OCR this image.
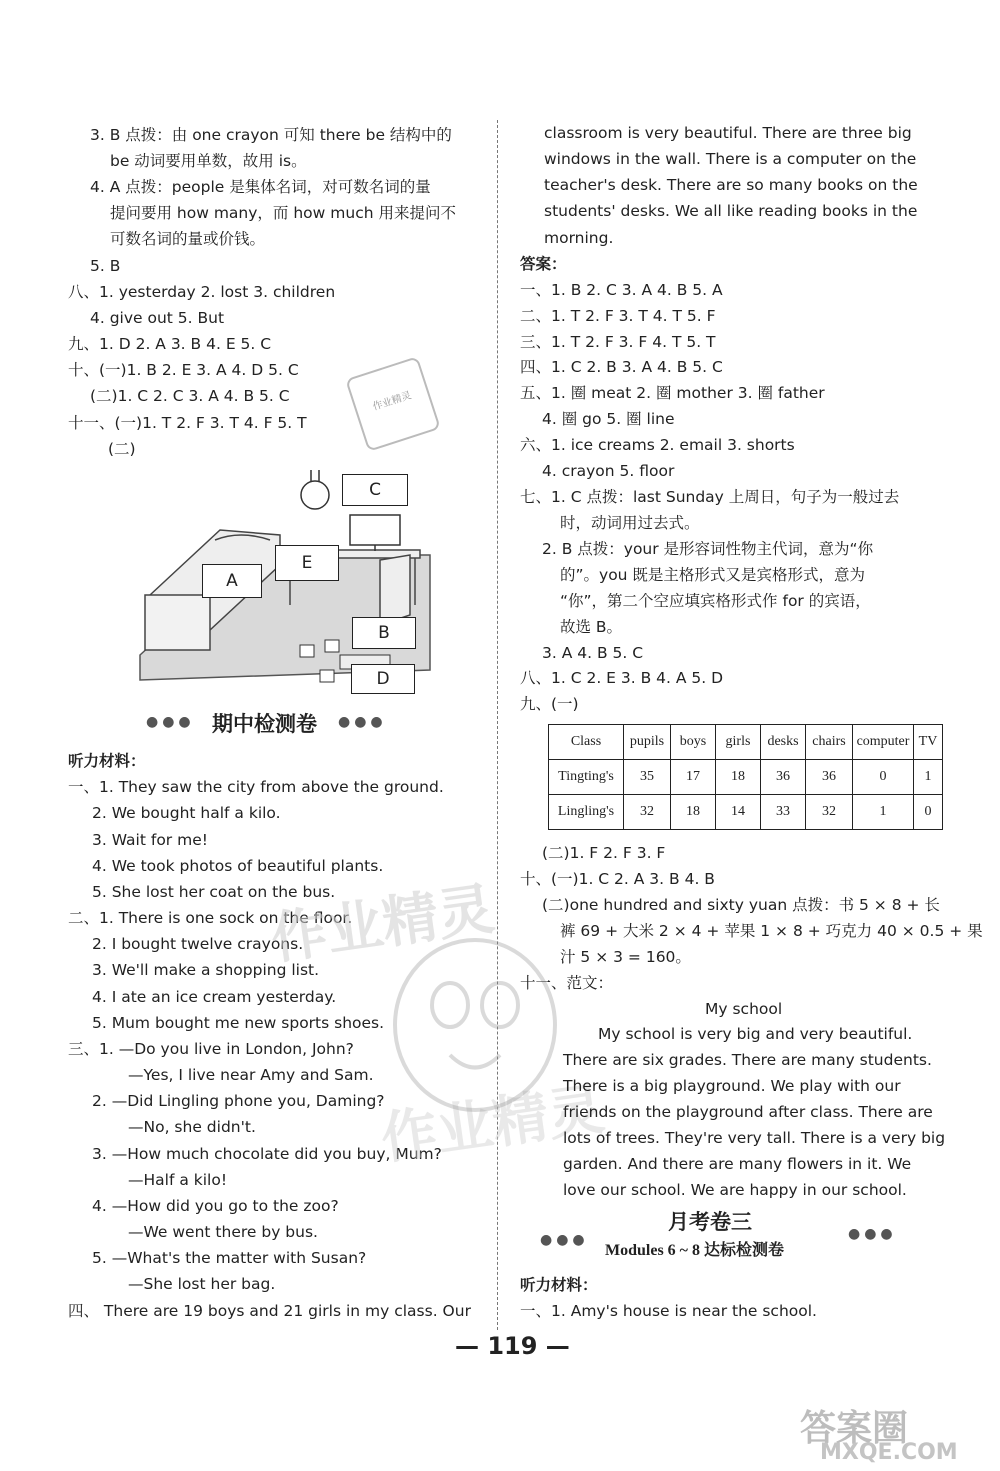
3. B 点拨：由 one crayon 可知 there be 结构中的
be 动词要用单数，故用 is。
4. A 点拨：people 是集体名词，对可数名词的量
提问要用 how many，而 how much 用来提问不
可数名词的量或价钱。
5. B
八、1. yesterday 2. lost 3. children
4. give out 5. But
九、1. D 2. A 3. B 4. E 5. C
十、(一)1. B 2. E 3. A 4. D 5. C
(二)1. C 2. C 3. A 4. B 5. C
十一、(一)1. T 2. F 3. T 4. F 5. T
(二)
作业精灵
C
E
A
B
D
●●● 期中检测卷 ●●●
听力材料：
一、1. They saw the city from above the ground.
2. We bought half a kilo.
3. Wait for me!
4. We took photos of beautiful plants.
5. She lost her coat on the bus.
二、1. There is one sock on the floor.
2. I bought twelve crayons.
3. We'll make a shopping list.
4. I ate an ice cream yesterday.
5. Mum bought me new sports shoes.
三、1. —Do you live in London, John?
—Yes, I live near Amy and Sam.
2. —Did Lingling phone you, Daming?
—No, she didn't.
3. —How much chocolate did you buy, Mum?
—Half a kilo!
4. —How did you go to the zoo?
—We went there by bus.
5. —What's the matter with Susan?
—She lost her bag.
四、 There are 19 boys and 21 girls in my class. Our
作业精灵
作业精灵
classroom is very beautiful. There are three big
windows in the wall. There is a computer on the
teacher's desk. There are so many books on the
students' desks. We all like reading books in the
morning.
答案：
一、1. B 2. C 3. A 4. B 5. A
二、1. T 2. F 3. T 4. T 5. F
三、1. T 2. F 3. F 4. T 5. T
四、1. C 2. B 3. A 4. B 5. C
五、1. 圈 meat 2. 圈 mother 3. 圈 father
4. 圈 go 5. 圈 line
六、1. ice creams 2. email 3. shorts
4. crayon 5. floor
七、1. C 点拨：last Sunday 上周日，句子为一般过去
时，动词用过去式。
2. B 点拨：your 是形容词性物主代词，意为“你
的”。you 既是主格形式又是宾格形式，意为
“你”，第二个空应填宾格形式作 for 的宾语，
故选 B。
3. A 4. B 5. C
八、1. C 2. E 3. B 4. A 5. D
九、(一)
Class	pupils	boys	girls	desks	chairs	computer	TV
Tingting's	35	17	18	36	36	0	1
Lingling's	32	18	14	33	32	1	0
(二)1. F 2. F 3. F
十、(一)1. C 2. A 3. B 4. B
(二)one hundred and sixty yuan 点拨：书 5 × 8 + 长
裤 69 + 大米 2 × 4 + 苹果 1 × 8 + 巧克力 40 × 0.5 + 果
汁 5 × 3 = 160。
十一、范文：
My school
My school is very big and very beautiful.
There are six grades. There are many students.
There is a big playground. We play with our
friends on the playground after class. There are
lots of trees. They're very tall. There is a very big
garden. And there are many flowers in it. We
love our school. We are happy in our school.
●●●
月考卷三	●●●
Modules 6 ~ 8 达标检测卷
听力材料：
一、1. Amy's house is near the school.
— 119 —
答案圈
MXQE.COM
